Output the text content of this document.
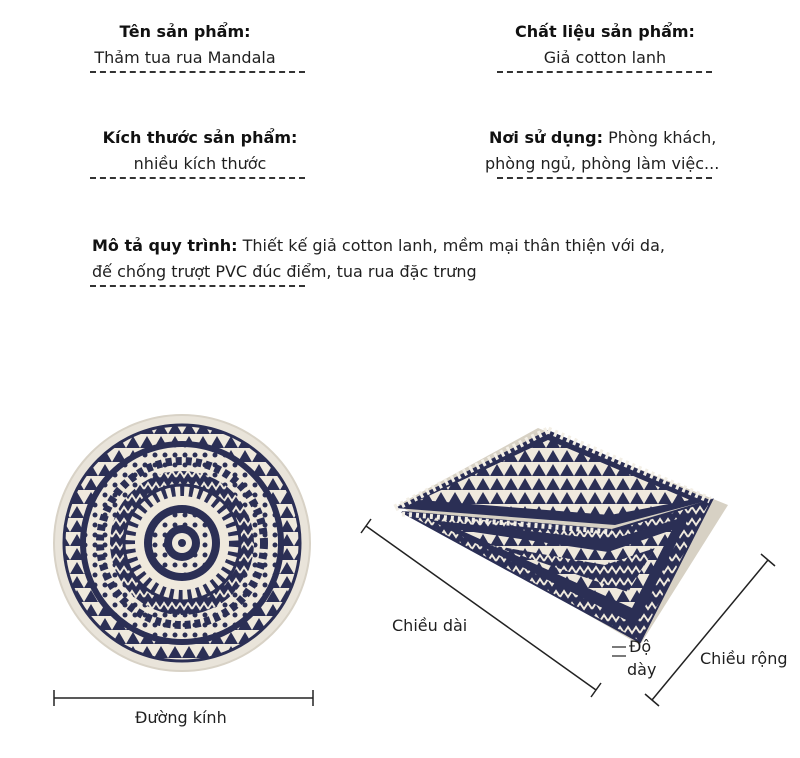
Tên sản phẩm:
Thảm tua rua Mandala
Chất liệu sản phẩm:
Giả cotton lanh
Kích thước sản phẩm:
nhiều kích thước
Nơi sử dụng: Phòng khách,
phòng ngủ, phòng làm việc...
Mô tả quy trình: Thiết kế giả cotton lanh, mềm mại thân thiện với da,
đế chống trượt PVC đúc điểm, tua rua đặc trưng
Đường kính
Chiều dài
Độ
dày
Chiều rộng
